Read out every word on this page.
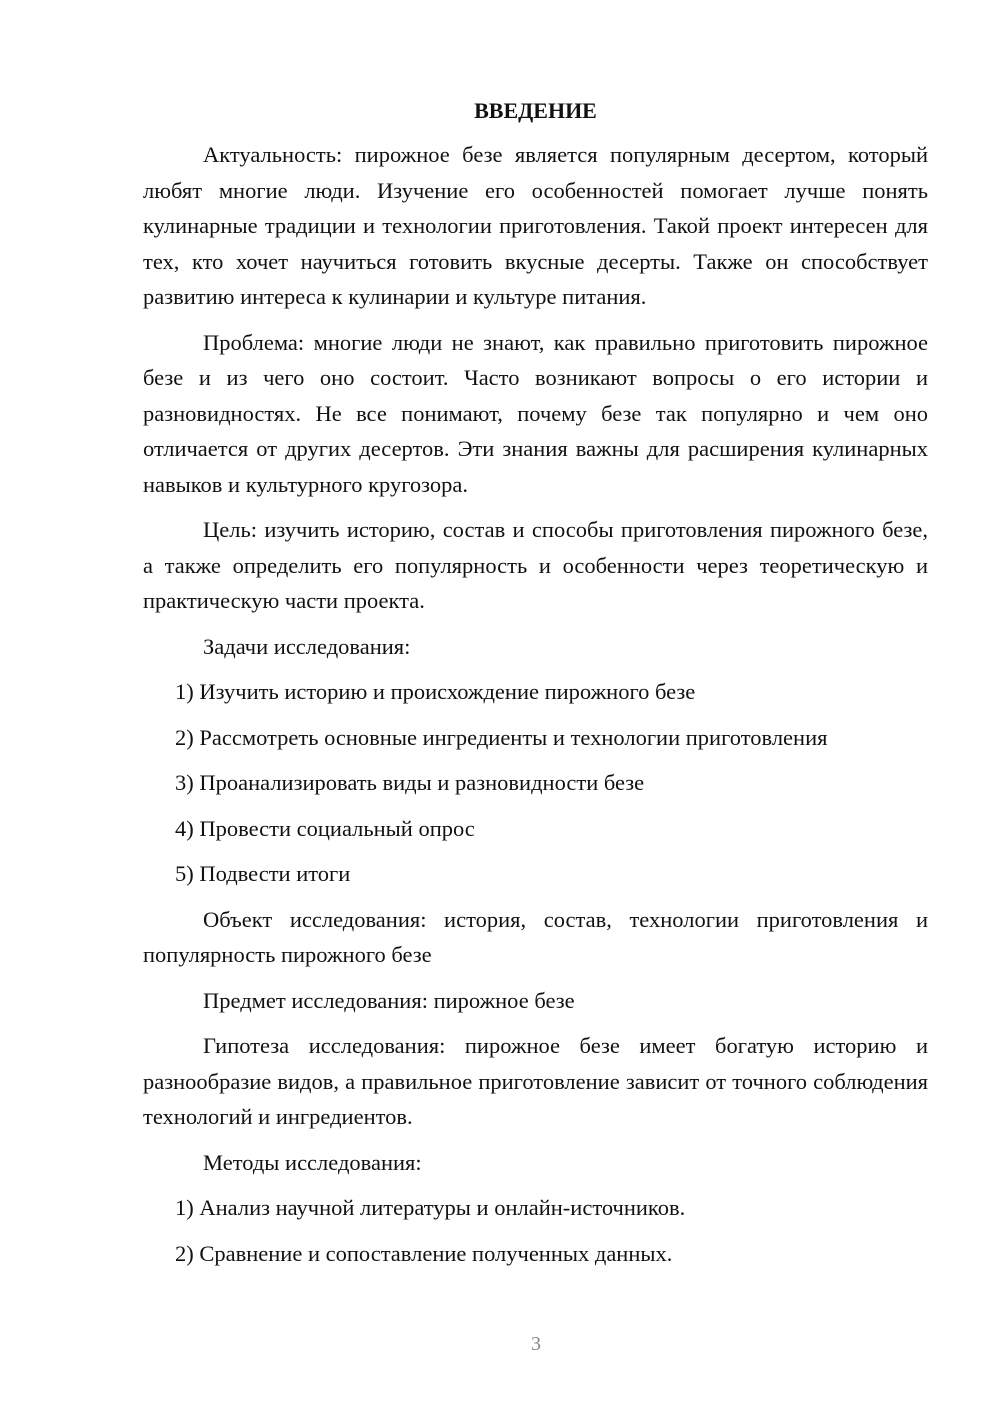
ВВЕДЕНИЕ
Актуальность: пирожное безе является популярным десертом, который любят многие люди. Изучение его особенностей помогает лучше понять кулинарные традиции и технологии приготовления. Такой проект интересен для тех, кто хочет научиться готовить вкусные десерты. Также он способствует развитию интереса к кулинарии и культуре питания.
Проблема: многие люди не знают, как правильно приготовить пирожное безе и из чего оно состоит. Часто возникают вопросы о его истории и разновидностях. Не все понимают, почему безе так популярно и чем оно отличается от других десертов. Эти знания важны для расширения кулинарных навыков и культурного кругозора.
Цель: изучить историю, состав и способы приготовления пирожного безе, а также определить его популярность и особенности через теоретическую и практическую части проекта.
Задачи исследования:
1) Изучить историю и происхождение пирожного безе
2) Рассмотреть основные ингредиенты и технологии приготовления
3) Проанализировать виды и разновидности безе
4) Провести социальный опрос
5) Подвести итоги
Объект исследования: история, состав, технологии приготовления и популярность пирожного безе
Предмет исследования: пирожное безе
Гипотеза исследования: пирожное безе имеет богатую историю и разнообразие видов, а правильное приготовление зависит от точного соблюдения технологий и ингредиентов.
Методы исследования:
1) Анализ научной литературы и онлайн-источников.
2) Сравнение и сопоставление полученных данных.
3
